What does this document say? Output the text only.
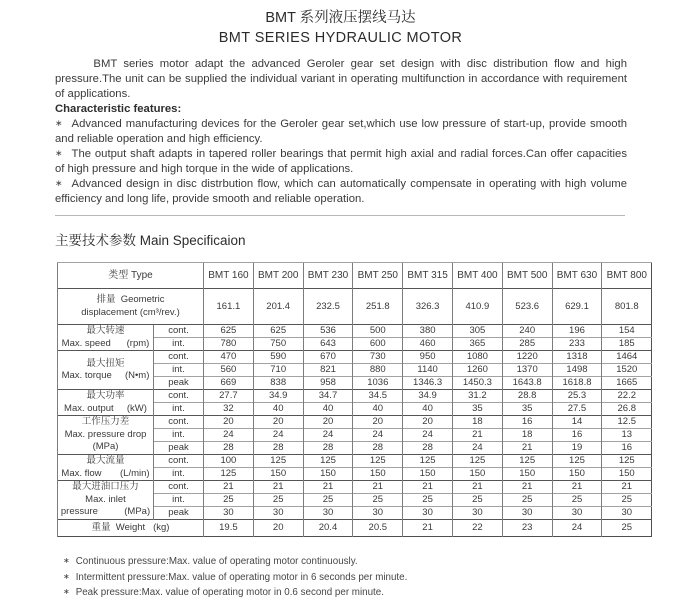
BMT 系列液压摆线马达
BMT SERIES HYDRAULIC MOTOR

BMT series motor adapt the advanced Geroler gear set design with disc distribution flow and high pressure.The unit can be supplied the individual variant in operating multifunction in accordance with requirement of applications.

Characteristic features:

∗ Advanced manufacturing devices for the Geroler gear set,which use low pressure of start-up, provide smooth and reliable operation and high efficiency.

∗ The output shaft adapts in tapered roller bearings that permit high axial and radial forces.Can offer capacities of high pressure and high torque in the wide of applications.

∗ Advanced design in disc distrbution flow, which can automatically compensate in operating with high volume efficiency and long life, provide smooth and reliable operation.

主要技术参数 Main Specificaion
类型 Type		BMT 160	BMT 200	BMT 230	BMT 250	BMT 315	BMT 400	BMT 500	BMT 630	BMT 800

排量  Geometric
displacement (cm³/rev.)		161.1	201.4	232.5	251.8	326.3	410.9	523.6	629.1	801.8

最大转速
Max. speed      (rpm)	cont.	625	625	536	500	380	305	240	196	154
	int.	780	750	643	600	460	365	285	233	185

最大扭矩
Max. torque     (N•m)	cont.	470	590	670	730	950	1080	1220	1318	1464
	int.	560	710	821	880	1140	1260	1370	1498	1520
	peak	669	838	958	1036	1346.3	1450.3	1643.8	1618.8	1665

最大功率
Max. output     (kW)	cont.	27.7	34.9	34.7	34.5	34.9	31.2	28.8	25.3	22.2
	int.	32	40	40	40	40	35	35	27.5	26.8

工作压力差
Max. pressure drop
(MPa)	cont.	20	20	20	20	20	18	16	14	12.5
	int.	24	24	24	24	24	21	18	16	13
	peak	28	28	28	28	28	24	21	19	16

最大流量
Max. flow       (L/min)	cont.	100	125	125	125	125	125	125	125	125
	int.	125	150	150	150	150	150	150	150	150

最大进油口压力
Max. inlet
pressure          (MPa)	cont.	21	21	21	21	21	21	21	21	21
	int.	25	25	25	25	25	25	25	25	25
	peak	30	30	30	30	30	30	30	30	30

重量  Weight   (kg)		19.5	20	20.4	20.5	21	22	23	24	25
∗ Continuous pressure:Max. value of operating motor continuously.
∗ Intermittent pressure:Max. value of operating motor in 6 seconds per minute.
∗ Peak pressure:Max. value of operating motor in 0.6 second per minute.
